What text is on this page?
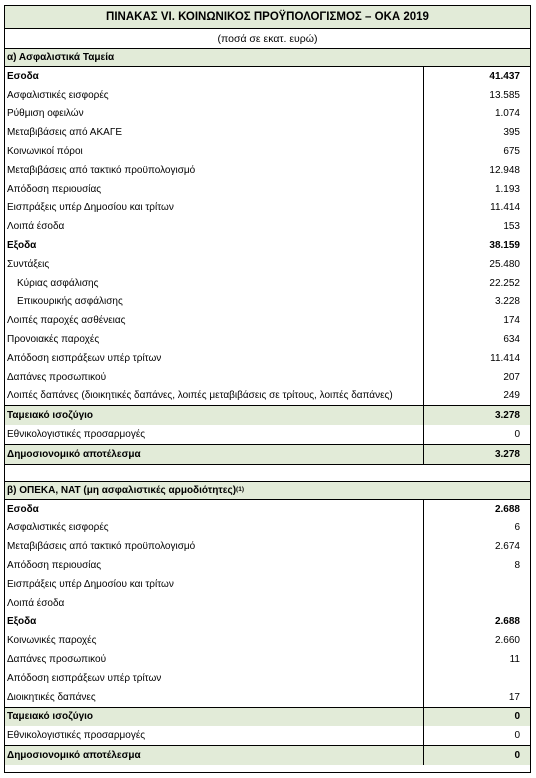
ΠΙΝΑΚΑΣ VI. ΚΟΙΝΩΝΙΚΟΣ ΠΡΟΫΠΟΛΟΓΙΣΜΟΣ – ΟΚΑ 2019
(ποσά σε εκατ. ευρώ)
α) Ασφαλιστικά Ταμεία
Εσοδα	41.437
Ασφαλιστικές εισφορές	13.585
Ρύθμιση οφειλών	1.074
Μεταβιβάσεις από ΑΚΑΓΕ	395
Κοινωνικοί πόροι	675
Μεταβιβάσεις από τακτικό προϋπολογισμό	12.948
Απόδοση περιουσίας	1.193
Εισπράξεις υπέρ Δημοσίου και τρίτων	11.414
Λοιπά έσοδα	153
Εξοδα	38.159
Συντάξεις	25.480
Κύριας ασφάλισης	22.252
Επικουρικής ασφάλισης	3.228
Λοιπές παροχές ασθένειας	174
Προνοιακές παροχές	634
Απόδοση εισπράξεων υπέρ τρίτων	11.414
Δαπάνες προσωπικού	207
Λοιπές δαπάνες (διοικητικές δαπάνες, λοιπές μεταβιβάσεις σε τρίτους, λοιπές δαπάνες)	249
Ταμειακό ισοζύγιο	3.278
Εθνικολογιστικές προσαρμογές	0
Δημοσιονομικό αποτέλεσμα	3.278
β) ΟΠΕΚΑ, ΝΑΤ (μη ασφαλιστικές αρμοδιότητες)$^{(1)}$
Εσοδα	2.688
Ασφαλιστικές εισφορές	6
Μεταβιβάσεις από τακτικό προϋπολογισμό	2.674
Απόδοση περιουσίας	8
Εισπράξεις υπέρ Δημοσίου και τρίτων
Λοιπά έσοδα
Εξοδα	2.688
Κοινωνικές παροχές	2.660
Δαπάνες προσωπικού	11
Απόδοση εισπράξεων υπέρ τρίτων
Διοικητικές δαπάνες	17
Ταμειακό ισοζύγιο	0
Εθνικολογιστικές προσαρμογές	0
Δημοσιονομικό αποτέλεσμα	0
